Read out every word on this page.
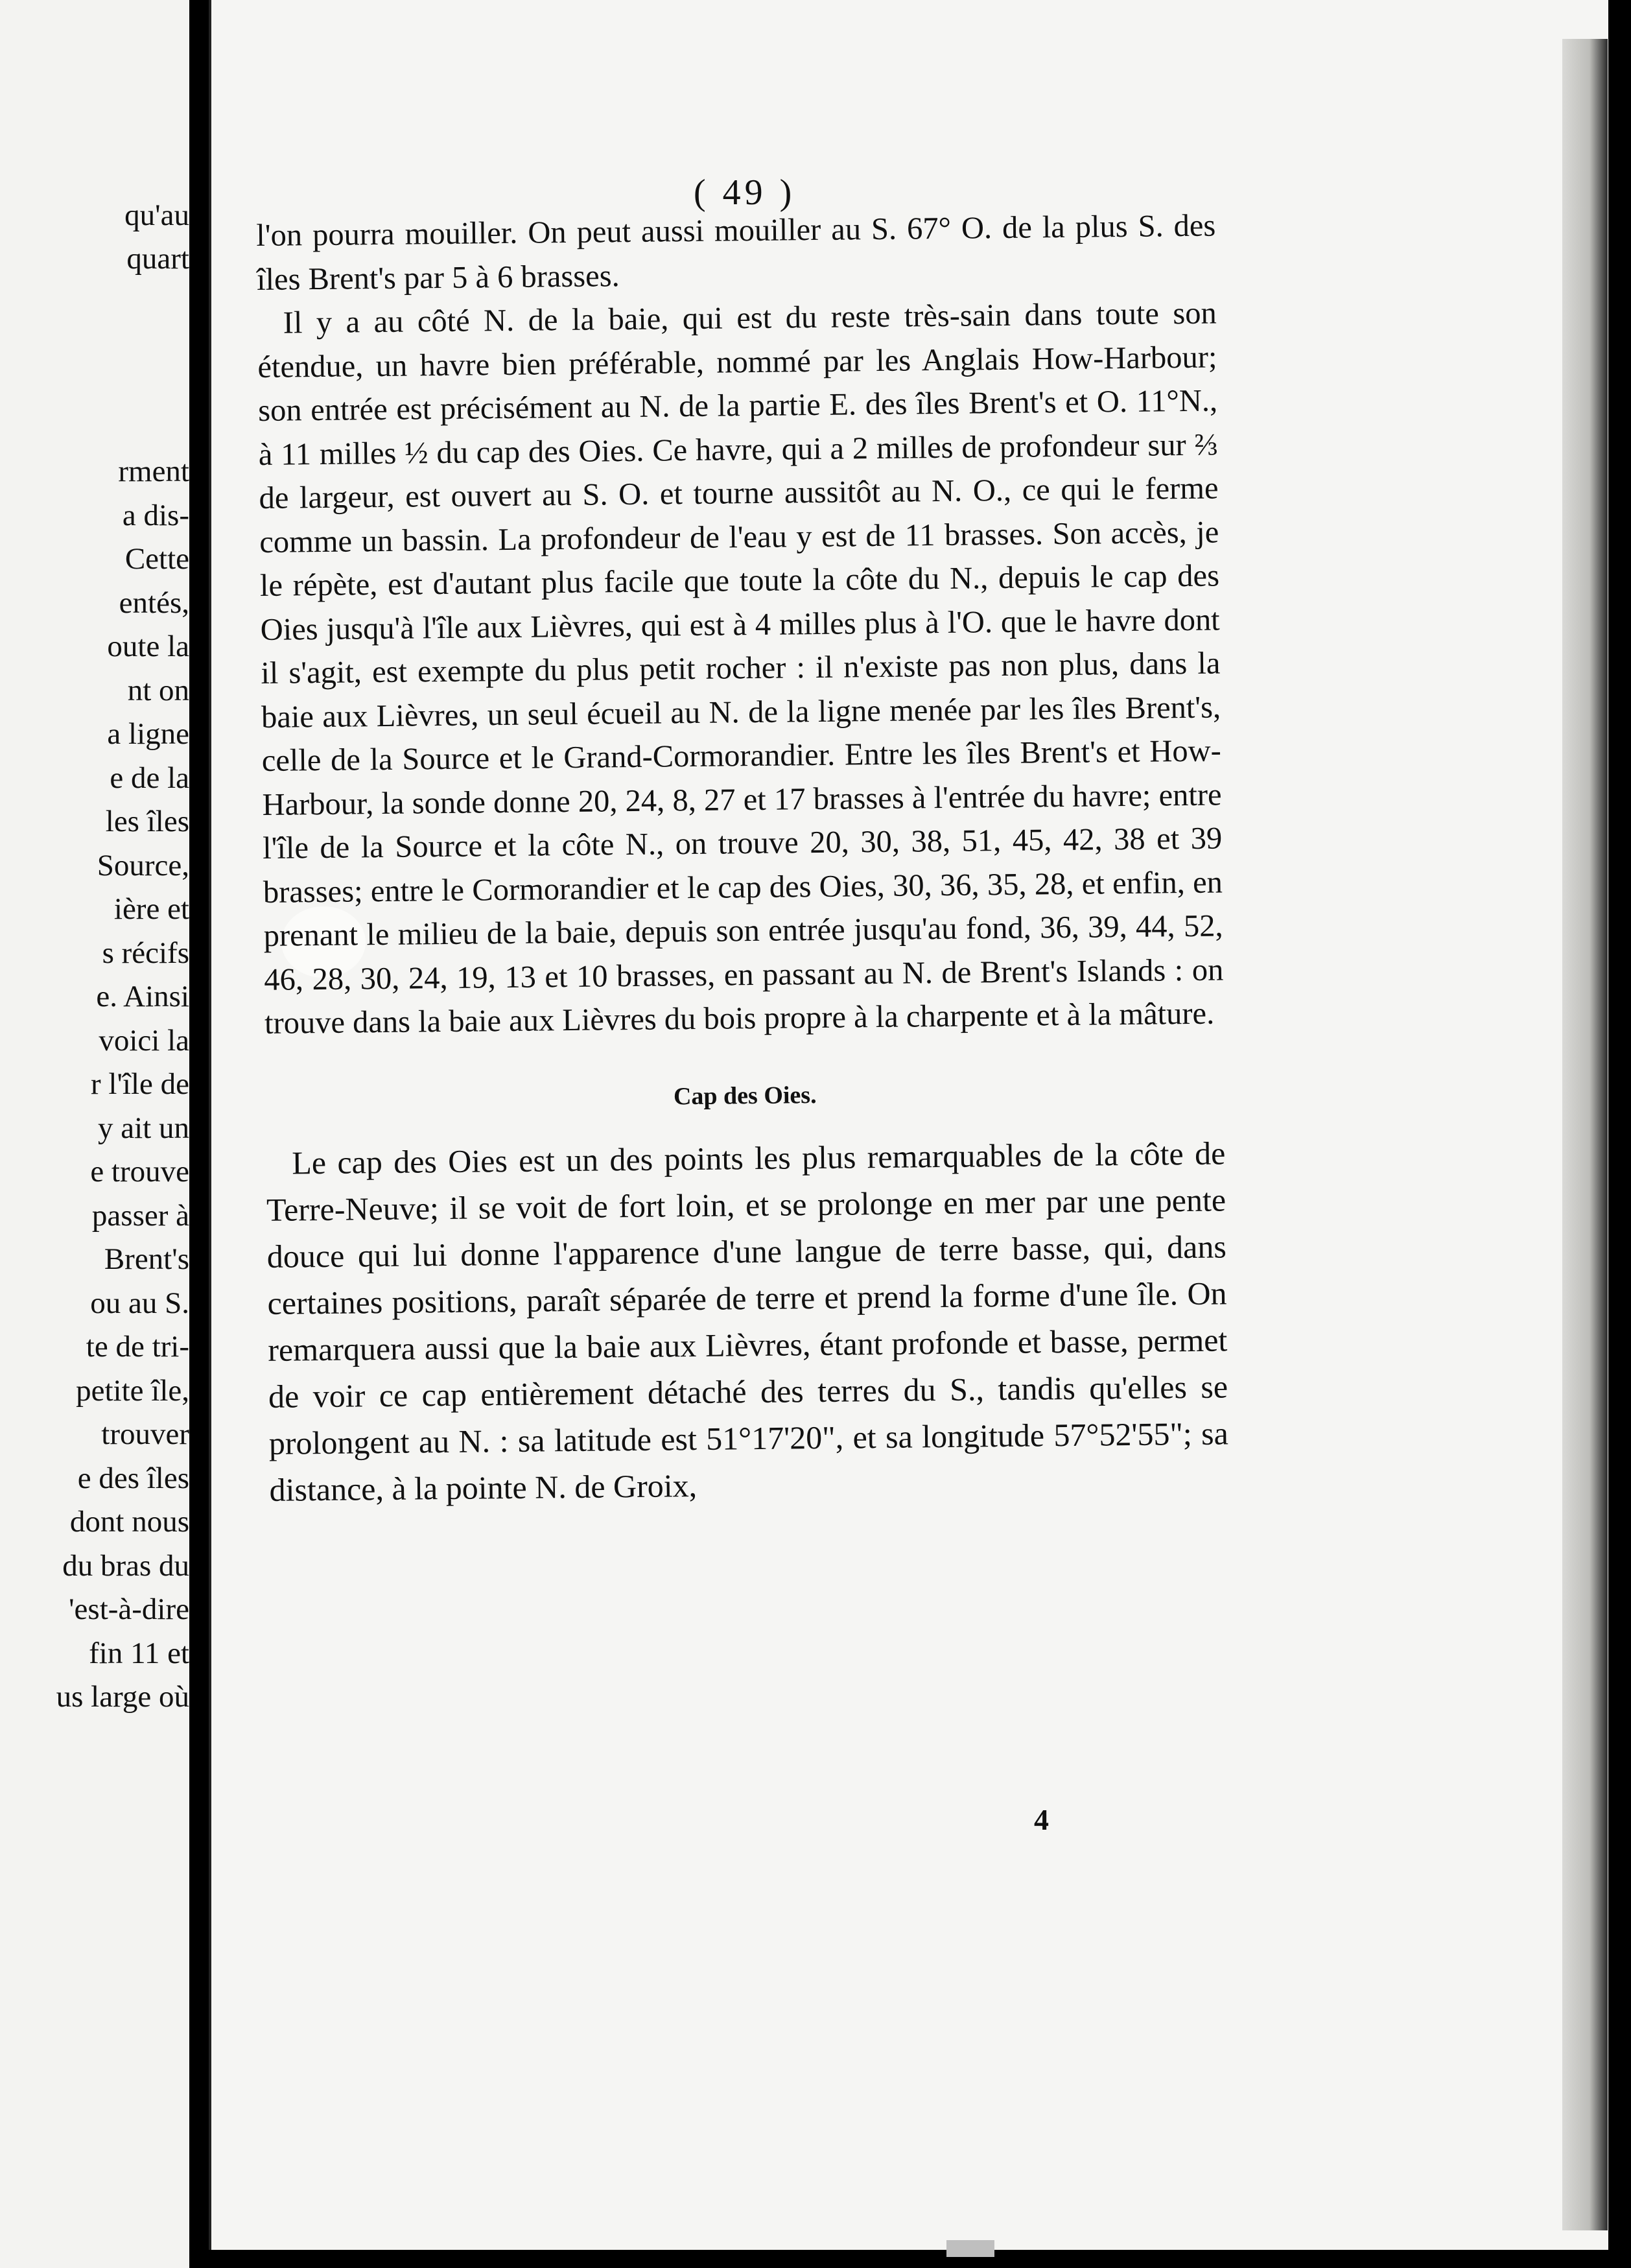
qu'au
quart
rment
a dis-
Cette
entés,
oute la
nt on
a ligne
e de la
les îles
Source,
ière et
s récifs
e. Ainsi
voici la
r l'île de
y ait un
e trouve
passer à
Brent's
ou au S.
te de tri-
petite île,
trouver
e des îles
dont nous
du bras du
'est-à-dire
fin 11 et
us large où
( 49 )

l'on pourra mouiller. On peut aussi mouiller au S. 67° O. de la plus S. des îles Brent's par 5 à 6 brasses.

Il y a au côté N. de la baie, qui est du reste très-sain dans toute son étendue, un havre bien préférable, nommé par les Anglais How-Harbour; son entrée est précisément au N. de la partie E. des îles Brent's et O. 11°N., à 11 milles ½ du cap des Oies. Ce havre, qui a 2 milles de profondeur sur ⅔ de largeur, est ouvert au S. O. et tourne aussitôt au N. O., ce qui le ferme comme un bassin. La profondeur de l'eau y est de 11 brasses. Son accès, je le répète, est d'autant plus facile que toute la côte du N., depuis le cap des Oies jusqu'à l'île aux Lièvres, qui est à 4 milles plus à l'O. que le havre dont il s'agit, est exempte du plus petit rocher : il n'existe pas non plus, dans la baie aux Lièvres, un seul écueil au N. de la ligne menée par les îles Brent's, celle de la Source et le Grand-Cormorandier. Entre les îles Brent's et How-Harbour, la sonde donne 20, 24, 8, 27 et 17 brasses à l'entrée du havre; entre l'île de la Source et la côte N., on trouve 20, 30, 38, 51, 45, 42, 38 et 39 brasses; entre le Cormorandier et le cap des Oies, 30, 36, 35, 28, et enfin, en prenant le milieu de la baie, depuis son entrée jusqu'au fond, 36, 39, 44, 52, 46, 28, 30, 24, 19, 13 et 10 brasses, en passant au N. de Brent's Islands : on trouve dans la baie aux Lièvres du bois propre à la charpente et à la mâture.

Cap des Oies.

Le cap des Oies est un des points les plus remarquables de la côte de Terre-Neuve; il se voit de fort loin, et se prolonge en mer par une pente douce qui lui donne l'apparence d'une langue de terre basse, qui, dans certaines positions, paraît séparée de terre et prend la forme d'une île. On remarquera aussi que la baie aux Lièvres, étant profonde et basse, permet de voir ce cap entièrement détaché des terres du S., tandis qu'elles se prolongent au N. : sa latitude est 51°17'20", et sa longitude 57°52'55"; sa distance, à la pointe N. de Groix,

4
